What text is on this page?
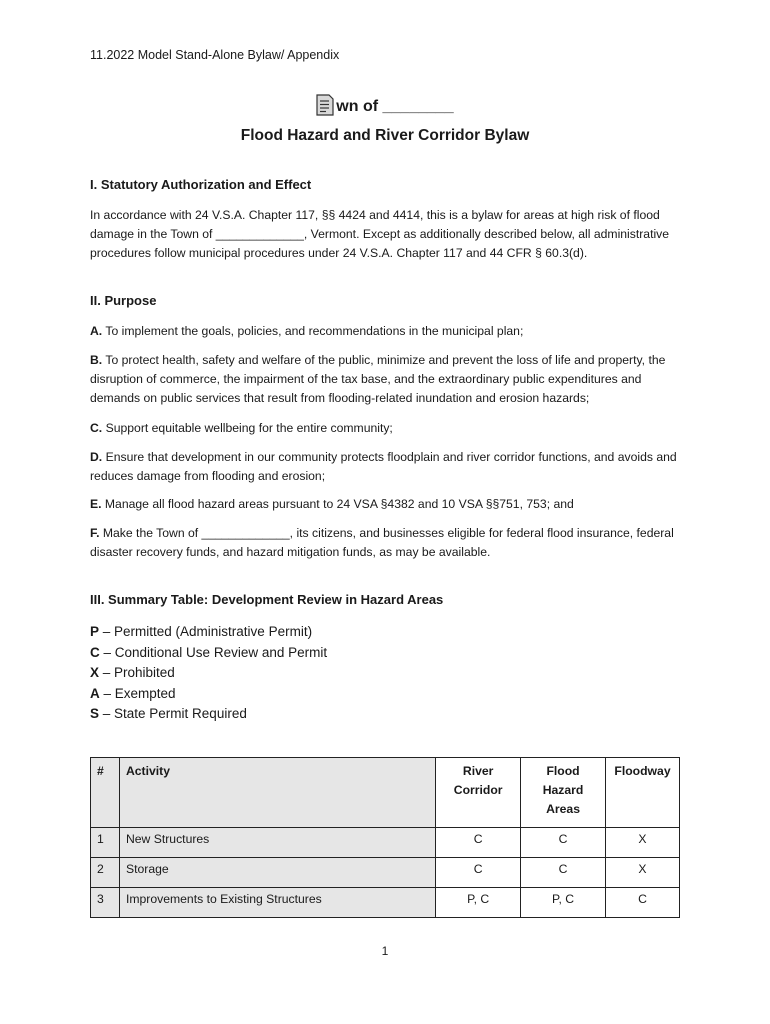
11.2022 Model Stand-Alone Bylaw/ Appendix
wn of ________
Flood Hazard and River Corridor Bylaw
I. Statutory Authorization and Effect
In accordance with 24 V.S.A. Chapter 117, §§ 4424 and 4414, this is a bylaw for areas at high risk of flood damage in the Town of _____________, Vermont. Except as additionally described below, all administrative procedures follow municipal procedures under 24 V.S.A. Chapter 117 and 44 CFR § 60.3(d).
II. Purpose
A. To implement the goals, policies, and recommendations in the municipal plan;
B. To protect health, safety and welfare of the public, minimize and prevent the loss of life and property, the disruption of commerce, the impairment of the tax base, and the extraordinary public expenditures and demands on public services that result from flooding-related inundation and erosion hazards;
C. Support equitable wellbeing for the entire community;
D. Ensure that development in our community protects floodplain and river corridor functions, and avoids and reduces damage from flooding and erosion;
E. Manage all flood hazard areas pursuant to 24 VSA §4382 and 10 VSA §§751, 753; and
F. Make the Town of _____________, its citizens, and businesses eligible for federal flood insurance, federal disaster recovery funds, and hazard mitigation funds, as may be available.
III. Summary Table: Development Review in Hazard Areas
P – Permitted (Administrative Permit)
C – Conditional Use Review and Permit
X – Prohibited
A – Exempted
S – State Permit Required
#	Activity	River Corridor	Flood Hazard Areas	Floodway
1	New Structures	C	C	X
2	Storage	C	C	X
3	Improvements to Existing Structures	P, C	P, C	C
1
